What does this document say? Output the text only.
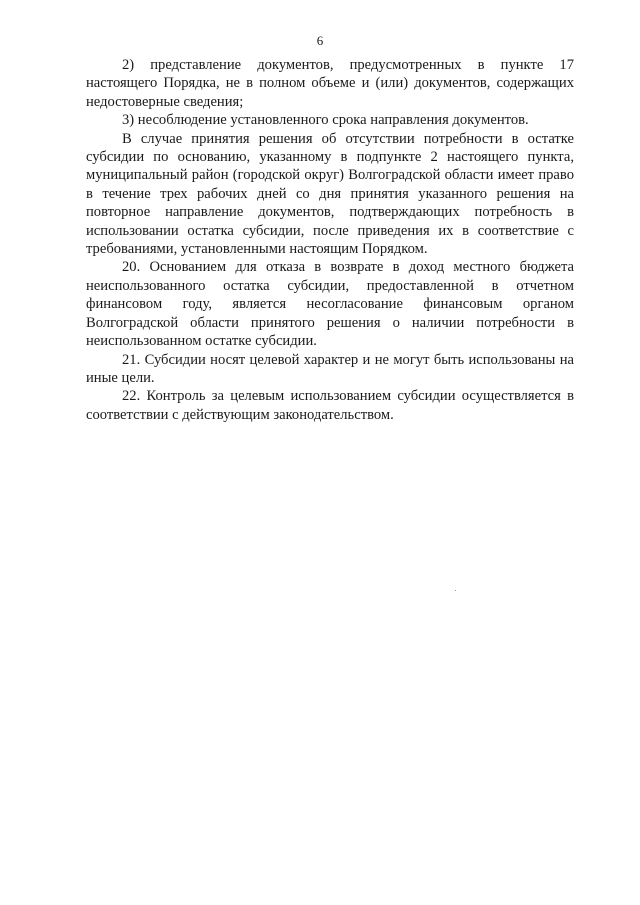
6

2) представление документов, предусмотренных в пункте 17 настоящего Порядка, не в полном объеме и (или) документов, содержащих недостоверные сведения;

3) несоблюдение установленного срока направления документов.

В случае принятия решения об отсутствии потребности в остатке субсидии по основанию, указанному в подпункте 2 настоящего пункта, муниципальный район (городской округ) Волгоградской области имеет право в течение трех рабочих дней со дня принятия указанного решения на повторное направление документов, подтверждающих потребность в использовании остатка субсидии, после приведения их в соответствие с требованиями, установленными настоящим Порядком.

20. Основанием для отказа в возврате в доход местного бюджета неиспользованного остатка субсидии, предоставленной в отчетном финансовом году, является несогласование финансовым органом Волгоградской области принятого решения о наличии потребности в неиспользованном остатке субсидии.

21. Субсидии носят целевой характер и не могут быть использованы на иные цели.

22. Контроль за целевым использованием субсидии осуществляется в соответствии с действующим законодательством.
